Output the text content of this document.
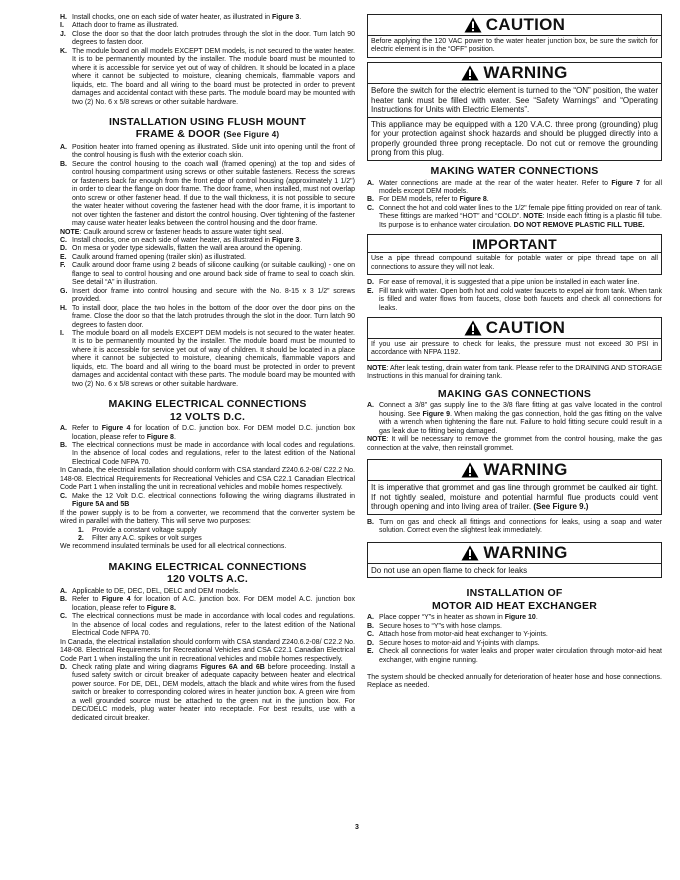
H. Install chocks, one on each side of water heater, as illustrated in Figure 3.
I.	Attach door to frame as illustrated.
J. Close the door so that the door latch protrudes through the slot in the door. Turn latch 90 degrees to fasten door.
K. The module board on all models EXCEPT DEM models, is not secured to the water heater. It is to be permanently mounted by the installer. The module board must be mounted to where it is accessible for service yet out of way of children. It should be located in a place where it cannot be subjected to moisture, cleaning chemicals, flammable vapors and liquids, etc. The board and all wiring to the board must be protected in order to prevent damages and accidental contact with these parts. The module board may be mounted with two (2) No. 6 x 5/8 screws or other suitable hardware.
INSTALLATION USING FLUSH MOUNT
FRAME & DOOR (See Figure 4)
A. Position heater into framed opening as illustrated. Slide unit into opening until the front of the control housing is flush with the exterior coach skin.
B. Secure the control housing to the coach wall (framed opening) at the top and sides of control housing compartment using screws or other suitable fasteners. Recess the screws or fasteners back far enough from the front edge of control housing (approximately 1 1/2") in order to clear the flange on door frame. The door frame, when installed, must not overlap onto screw or other fastener head. If due to the wall thickness, it is not possible to secure the water heater without covering the fastener head with the door frame, it is important to not over tighten the fastener and distort the control housing. Over tightening of the fastener may cause water heater leaks between the control housing and the door frame.
NOTE: Caulk around screw or fastener heads to assure water tight seal.
C. Install chocks, one on each side of water heater, as illustrated in Figure 3.
D. On mesa or yoder type sidewalls, flatten the wall area around the opening.
E. Caulk around framed opening (trailer skin) as illustrated.
F. Caulk around door frame using 2 beads of silicone caulking (or suitable caulking) - one on flange to seal to control housing and one around back side of frame to seal to coach skin. See detail “A” in illustration.
G. Insert door frame into control housing and secure with the No. 8-15 x 3 1/2” screws provided.
H. To install door, place the two holes in the bottom of the door over the door pins on the frame. Close the door so that the latch protrudes through the slot in the door. Turn latch 90 degrees to fasten door.
I.	The module board on all models EXCEPT DEM models is not secured to the water heater. It is to be permanently mounted by the installer. The module board must be mounted to where it is accessible for service yet out of way of children. It should be located in a place where it cannot be subjected to moisture, cleaning chemicals, flammable vapors and liquids, etc. The board and all wiring to the board must be protected in order to prevent damages and accidental contact with these parts. The module board may be mounted with two (2) No. 6 x 5/8 screws or other suitable hardware.
MAKING ELECTRICAL CONNECTIONS
12 VOLTS D.C.
A. Refer to Figure 4 for location of D.C. junction box. For DEM model D.C. junction box location, please refer to Figure 8.
B. The electrical connections must be made in accordance with local codes and regulations. In the absence of local codes and regulations, refer to the latest edition of the National Electrical Code NFPA 70.
In Canada, the electrical installation should conform with CSA standard Z240.6.2-08/ C22.2 No. 148-08. Electrical Requirements for Recreational Vehicles and CSA C22.1 Canadian Electrical Code Part 1 when installing the unit in recreational vehicles and mobile homes respectively.
C. Make the 12 Volt D.C. electrical connections following the wiring diagrams illustrated in Figure 5A and 5B
If the power supply is to be from a converter, we recommend that the converter system be wired in parallel with the battery. This will serve two purposes:
1.	Provide a constant voltage supply
2.	Filter any A.C. spikes or volt surges
We recommend insulated terminals be used for all electrical connections.
MAKING ELECTRICAL CONNECTIONS
120 VOLTS A.C.
A. Applicable to DE, DEC, DEL, DELC and DEM models.
B. Refer to Figure 4 for location of A.C. junction box. For DEM model A.C. junction box location, please refer to Figure 8.
C. The electrical connections must be made in accordance with local codes and regulations. In the absence of local codes and regulations, refer to the latest edition of the National Electrical Code NFPA 70.
In Canada, the electrical installation should conform with CSA standard Z240.6.2-08/ C22.2 No. 148-08. Electrical Requirements for Recreational Vehicles and CSA C22.1 Canadian Electrical Code Part 1 when installing the unit in recreational vehicles and mobile homes respectively.
D. Check rating plate and wiring diagrams Figures 6A and 6B before proceeding. Install a fused safety switch or circuit breaker of adequate capacity between heater and electrical power source. For DE, DEL, DEM models, attach the black and white wires from the fused switch or breaker to corresponding colored wires in heater junction box. A green wire from a well grounded source must be attached to the green nut in the junction box. For DEC/DELC models, plug water heater into receptacle. For best results, use with a dedicated circuit breaker.
CAUTION
Before applying the 120 VAC power to the water heater junction box, be sure the switch for electric element is in the “OFF” position.
WARNING
Before the switch for the electric element is turned to the “ON” position, the water heater tank must be filled with water. See “Safety Warnings” and “Operating Instructions for Units with Electric Elements”.
This appliance may be equipped with a 120 V.A.C. three prong (grounding) plug for your protection against shock hazards and should be plugged directly into a properly grounded three prong receptacle. Do not cut or remove the grounding prong from this plug.
MAKING WATER CONNECTIONS
A. Water connections are made at the rear of the water heater. Refer to Figure 7 for all models except DEM models.
B. For DEM models, refer to Figure 8.
C. Connect the hot and cold water lines to the 1/2" female pipe fitting provided on rear of tank. These fittings are marked “HOT” and “COLD”. NOTE: Inside each fitting is a plastic fill tube. Its purpose is to enhance water circulation. DO NOT REMOVE PLASTIC FILL TUBE.
IMPORTANT
Use a pipe thread compound suitable for potable water or pipe thread tape on all connections to assure they will not leak.
D. For ease of removal, it is suggested that a pipe union be installed in each water line.
E. Fill tank with water. Open both hot and cold water faucets to expel air from tank. When tank is filled and water flows from faucets, close both faucets and check all connections for leaks.
CAUTION
If you use air pressure to check for leaks, the pressure must not exceed 30 PSI in accordance with NFPA 1192.
NOTE: After leak testing, drain water from tank. Please refer to the DRAINING AND STORAGE Instructions in this manual for draining tank.
MAKING GAS CONNECTIONS
A. Connect a 3/8" gas supply line to the 3/8 flare fitting at gas valve located in the control housing. See Figure 9. When making the gas connection, hold the gas fitting on the valve with a wrench when tightening the flare nut. Failure to hold fitting secure could result in a gas leak due to fitting being damaged.
NOTE: It will be necessary to remove the grommet from the control housing, make the gas connection at the valve, then reinstall grommet.
WARNING
It is imperative that grommet and gas line through grommet be caulked air tight. If not tightly sealed, moisture and potential harmful flue products could vent through opening and into living area of trailer. (See Figure 9.)
B. Turn on gas and check all fittings and connections for leaks, using a soap and water solution. Correct even the slightest leak immediately.
WARNING
Do not use an open flame to check for leaks
INSTALLATION OF
MOTOR AID HEAT EXCHANGER
A. Place copper “Y”s in heater as shown in Figure 10.
B. Secure hoses to “Y”s with hose clamps.
C. Attach hose from motor-aid heat exchanger to Y-joints.
D. Secure hoses to motor-aid and Y-joints with clamps.
E. Check all connections for water leaks and proper water circulation through motor-aid heat exchanger, with engine running.
The system should be checked annually for deterioration of heater hose and hose connections. Replace as needed.
3
